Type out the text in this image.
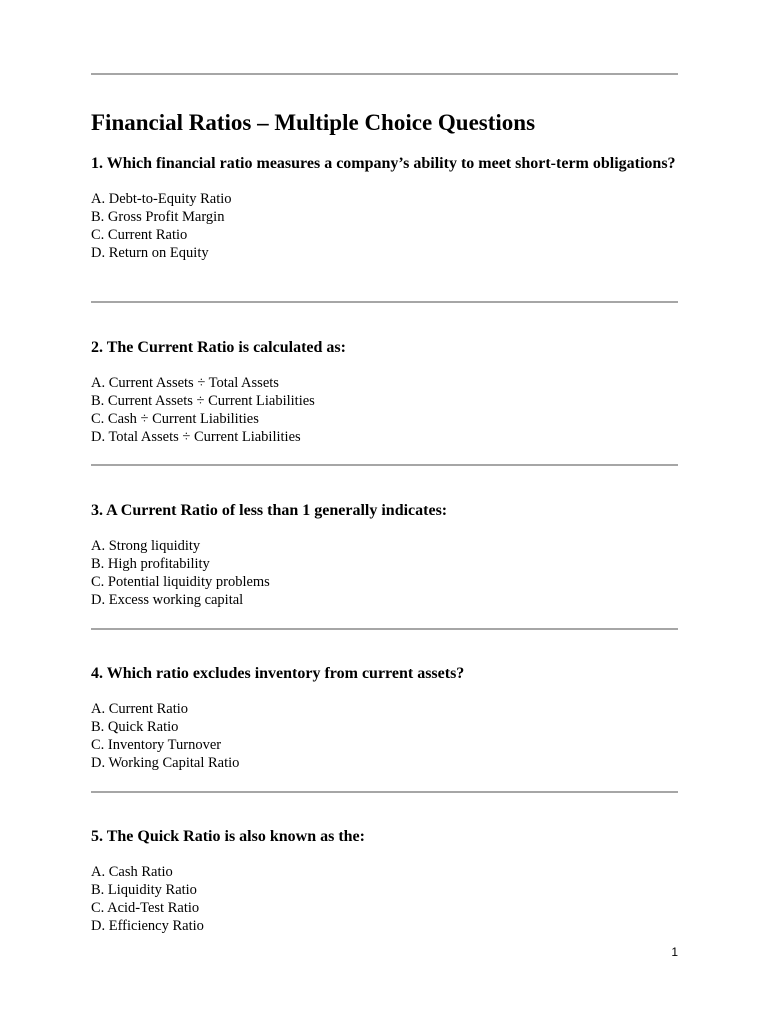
Financial Ratios – Multiple Choice Questions

1. Which financial ratio measures a company’s ability to meet short-term obligations?

A. Debt-to-Equity Ratio
B. Gross Profit Margin
C. Current Ratio
D. Return on Equity

2. The Current Ratio is calculated as:

A. Current Assets ÷ Total Assets
B. Current Assets ÷ Current Liabilities
C. Cash ÷ Current Liabilities
D. Total Assets ÷ Current Liabilities

3. A Current Ratio of less than 1 generally indicates:

A. Strong liquidity
B. High profitability
C. Potential liquidity problems
D. Excess working capital

4. Which ratio excludes inventory from current assets?

A. Current Ratio
B. Quick Ratio
C. Inventory Turnover
D. Working Capital Ratio

5. The Quick Ratio is also known as the:

A. Cash Ratio
B. Liquidity Ratio
C. Acid-Test Ratio
D. Efficiency Ratio
1
